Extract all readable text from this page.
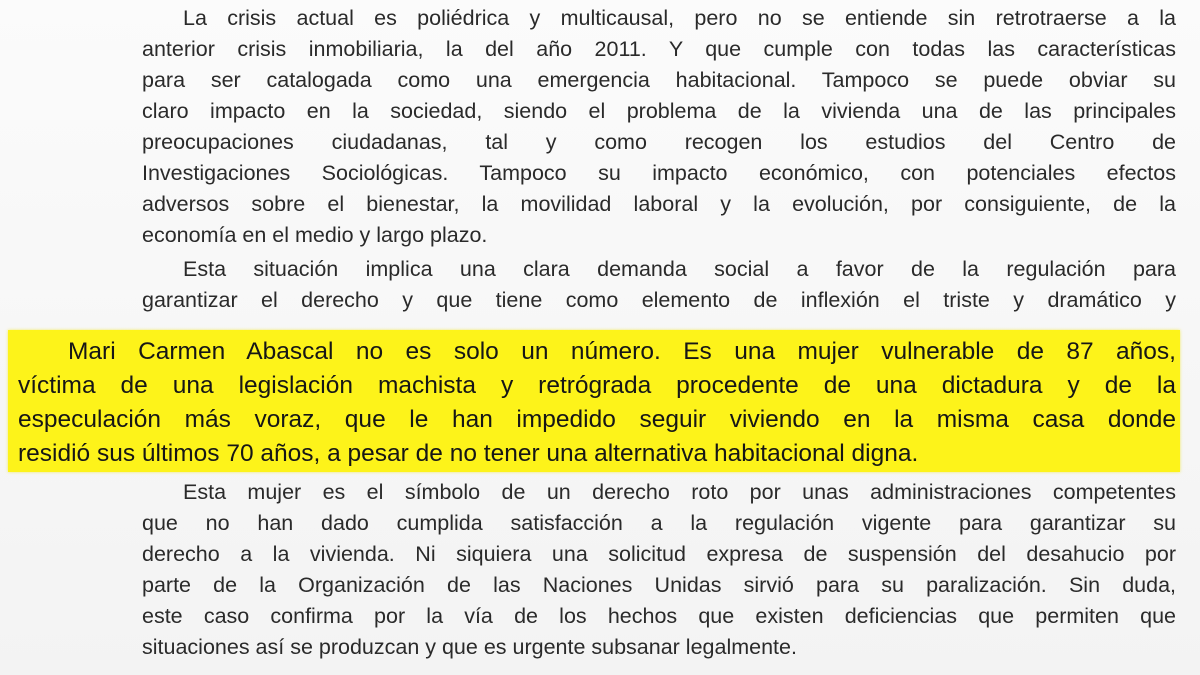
La crisis actual es poliédrica y multicausal, pero no se entiende sin retrotraerse a la
anterior crisis inmobiliaria, la del año 2011. Y que cumple con todas las características
para ser catalogada como una emergencia habitacional. Tampoco se puede obviar su
claro impacto en la sociedad, siendo el problema de la vivienda una de las principales
preocupaciones ciudadanas, tal y como recogen los estudios del Centro de
Investigaciones Sociológicas. Tampoco su impacto económico, con potenciales efectos
adversos sobre el bienestar, la movilidad laboral y la evolución, por consiguiente, de la
economía en el medio y largo plazo.
Esta situación implica una clara demanda social a favor de la regulación para
garantizar el derecho y que tiene como elemento de inflexión el triste y dramático y
Mari Carmen Abascal no es solo un número. Es una mujer vulnerable de 87 años,
víctima de una legislación machista y retrógrada procedente de una dictadura y de la
especulación más voraz, que le han impedido seguir viviendo en la misma casa donde
residió sus últimos 70 años, a pesar de no tener una alternativa habitacional digna.
Esta mujer es el símbolo de un derecho roto por unas administraciones competentes
que no han dado cumplida satisfacción a la regulación vigente para garantizar su
derecho a la vivienda. Ni siquiera una solicitud expresa de suspensión del desahucio por
parte de la Organización de las Naciones Unidas sirvió para su paralización. Sin duda,
este caso confirma por la vía de los hechos que existen deficiencias que permiten que
situaciones así se produzcan y que es urgente subsanar legalmente.
